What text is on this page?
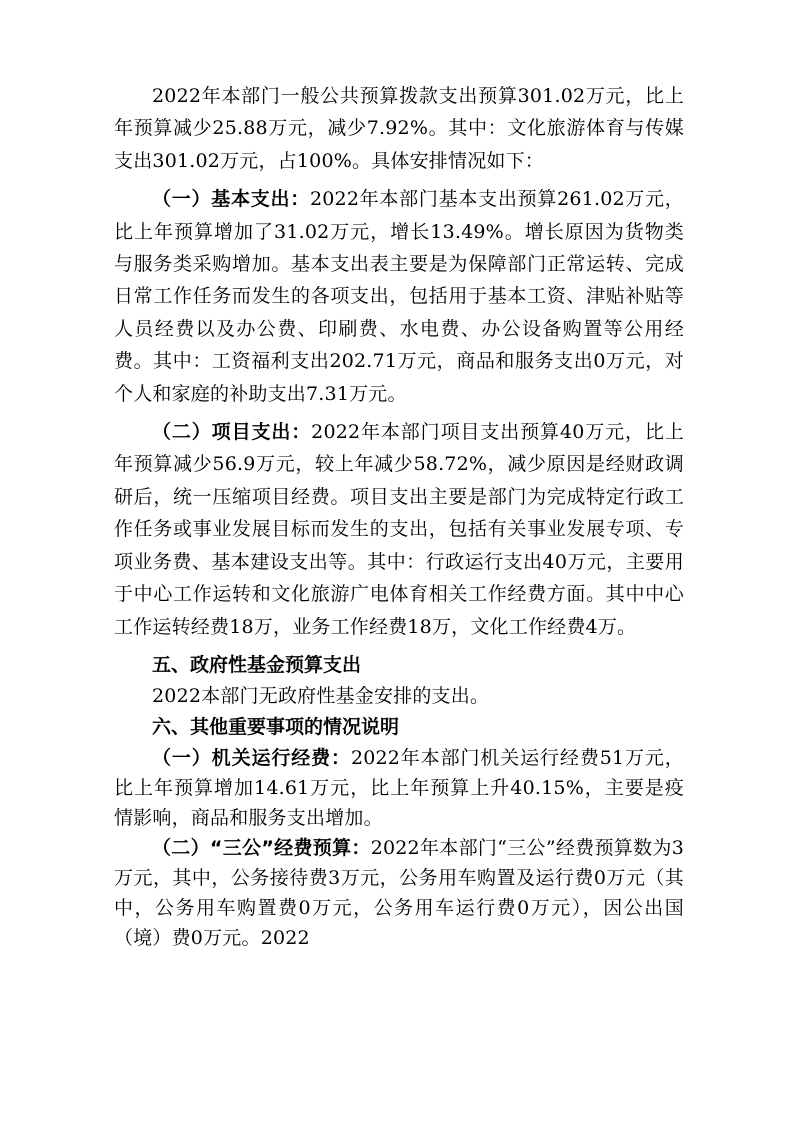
2022年本部门一般公共预算拨款支出预算301.02万元，比上年预算减少25.88万元，减少7.92%。其中：文化旅游体育与传媒支出301.02万元，占100%。具体安排情况如下：

（一）基本支出：2022年本部门基本支出预算261.02万元，比上年预算增加了31.02万元，增长13.49%。增长原因为货物类与服务类采购增加。基本支出表主要是为保障部门正常运转、完成日常工作任务而发生的各项支出，包括用于基本工资、津贴补贴等人员经费以及办公费、印刷费、水电费、办公设备购置等公用经费。其中：工资福利支出202.71万元，商品和服务支出0万元，对个人和家庭的补助支出7.31万元。

（二）项目支出：2022年本部门项目支出预算40万元，比上年预算减少56.9万元，较上年减少58.72%，减少原因是经财政调研后，统一压缩项目经费。项目支出主要是部门为完成特定行政工作任务或事业发展目标而发生的支出，包括有关事业发展专项、专项业务费、基本建设支出等。其中：行政运行支出40万元，主要用于中心工作运转和文化旅游广电体育相关工作经费方面。其中中心工作运转经费18万，业务工作经费18万，文化工作经费4万。

五、政府性基金预算支出

2022本部门无政府性基金安排的支出。

六、其他重要事项的情况说明

（一）机关运行经费：2022年本部门机关运行经费51万元，比上年预算增加14.61万元，比上年预算上升40.15%，主要是疫情影响，商品和服务支出增加。

（二）“三公”经费预算：2022年本部门“三公”经费预算数为3万元，其中，公务接待费3万元，公务用车购置及运行费0万元（其中，公务用车购置费0万元，公务用车运行费0万元），因公出国（境）费0万元。2022
